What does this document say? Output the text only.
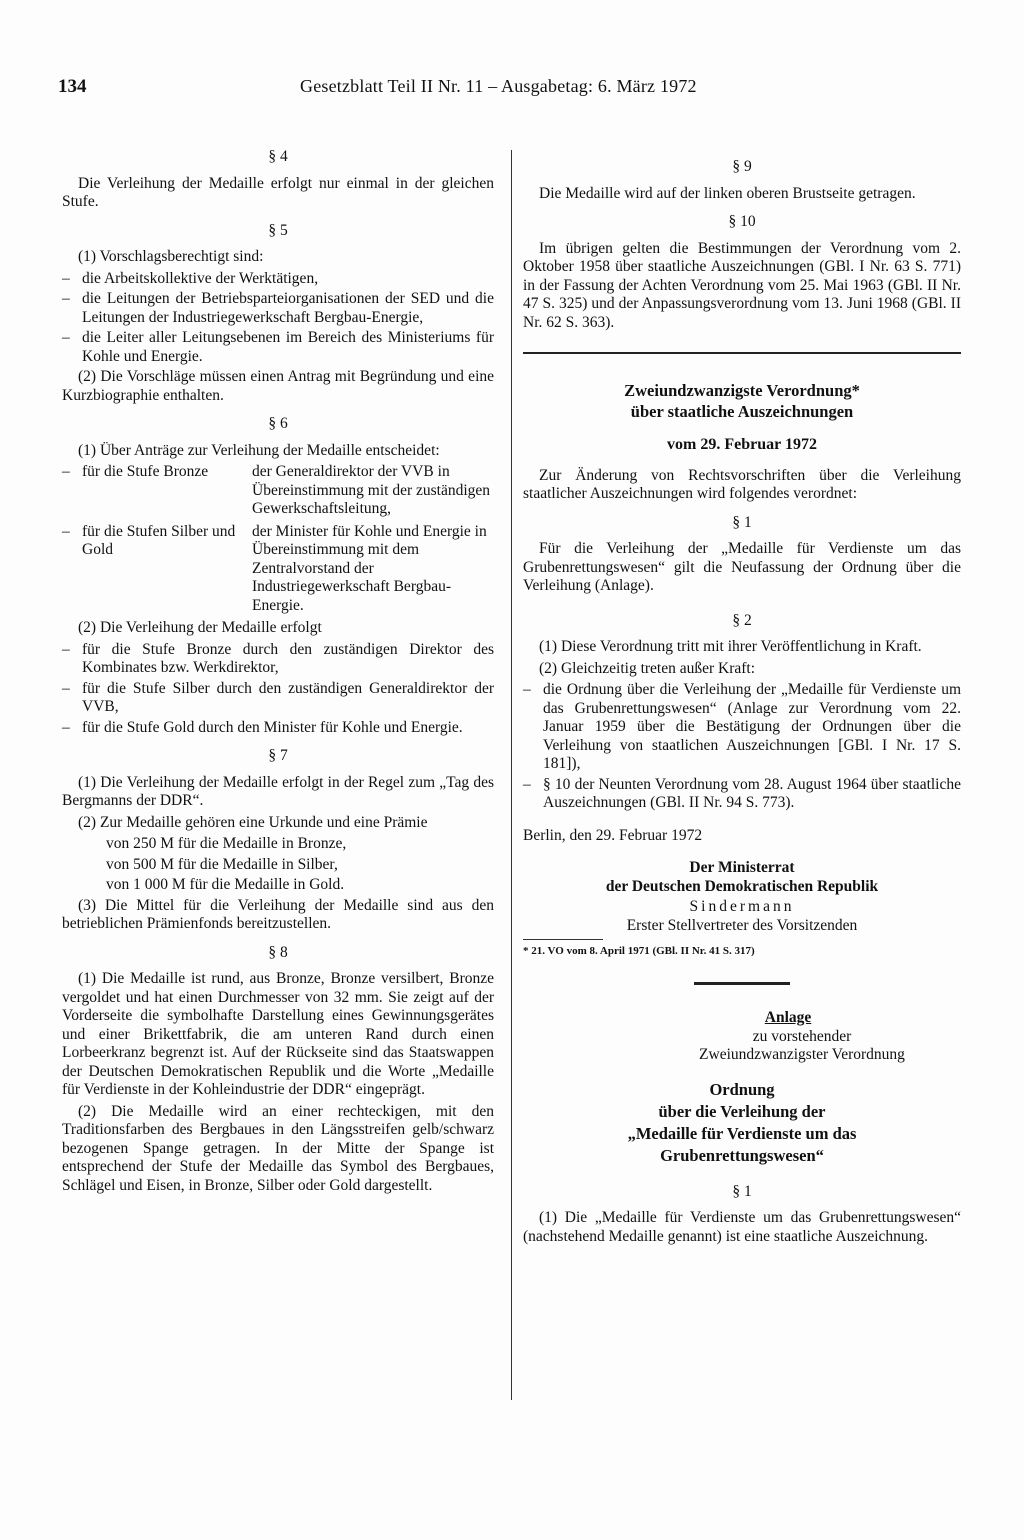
134	Gesetzblatt Teil II Nr. 11 – Ausgabetag: 6. März 1972
§ 4

Die Verleihung der Medaille erfolgt nur einmal in der gleichen Stufe.

§ 5

(1) Vorschlagsberechtigt sind:

– die Arbeitskollektive der Werktätigen,
– die Leitungen der Betriebsparteiorganisationen der SED und die Leitungen der Industriegewerkschaft Bergbau-Energie,
– die Leiter aller Leitungsebenen im Bereich des Ministeriums für Kohle und Energie.

(2) Die Vorschläge müssen einen Antrag mit Begründung und eine Kurzbiographie enthalten.

§ 6

(1) Über Anträge zur Verleihung der Medaille entscheidet:

– für die Stufe Bronze	der Generaldirektor der VVB in Übereinstimmung mit der zuständigen Gewerkschaftsleitung,
– für die Stufen Silber und Gold
der Minister für Kohle und Energie in Übereinstimmung mit dem Zentralvorstand der Industriegewerkschaft Bergbau-Energie.

(2) Die Verleihung der Medaille erfolgt

– für die Stufe Bronze durch den zuständigen Direktor des Kombinates bzw. Werkdirektor,
– für die Stufe Silber durch den zuständigen Generaldirektor der VVB,
– für die Stufe Gold durch den Minister für Kohle und Energie.
§ 7

(1) Die Verleihung der Medaille erfolgt in der Regel zum „Tag des Bergmanns der DDR“.

(2) Zur Medaille gehören eine Urkunde und eine Prämie

von 250 M für die Medaille in Bronze,
von 500 M für die Medaille in Silber,
von 1 000 M für die Medaille in Gold.

(3) Die Mittel für die Verleihung der Medaille sind aus den betrieblichen Prämienfonds bereitzustellen.

§ 8

(1) Die Medaille ist rund, aus Bronze, Bronze versilbert, Bronze vergoldet und hat einen Durchmesser von 32 mm. Sie zeigt auf der Vorderseite die symbolhafte Darstellung eines Gewinnungsgerätes und einer Brikettfabrik, die am unteren Rand durch einen Lorbeerkranz begrenzt ist. Auf der Rückseite sind das Staatswappen der Deutschen Demokratischen Republik und die Worte „Medaille für Verdienste in der Kohleindustrie der DDR“ eingeprägt.

(2) Die Medaille wird an einer rechteckigen, mit den Traditionsfarben des Bergbaues in den Längsstreifen gelb/schwarz bezogenen Spange getragen. In der Mitte der Spange ist entsprechend der Stufe der Medaille das Symbol des Bergbaues, Schlägel und Eisen, in Bronze, Silber oder Gold dargestellt.

§ 9

Die Medaille wird auf der linken oberen Brustseite getragen.

§ 10

Im übrigen gelten die Bestimmungen der Verordnung vom 2. Oktober 1958 über staatliche Auszeichnungen (GBl. I Nr. 63 S. 771) in der Fassung der Achten Verordnung vom 25. Mai 1963 (GBl. II Nr. 47 S. 325) und der Anpassungsverordnung vom 13. Juni 1968 (GBl. II Nr. 62 S. 363).

Zweiundzwanzigste Verordnung*
über staatliche Auszeichnungen
vom 29. Februar 1972

Zur Änderung von Rechtsvorschriften über die Verleihung staatlicher Auszeichnungen wird folgendes verordnet:

§ 1

Für die Verleihung der „Medaille für Verdienste um das Grubenrettungswesen“ gilt die Neufassung der Ordnung über die Verleihung (Anlage).

§ 2

(1) Diese Verordnung tritt mit ihrer Veröffentlichung in Kraft.

(2) Gleichzeitig treten außer Kraft:

– die Ordnung über die Verleihung der „Medaille für Verdienste um das Grubenrettungswesen“ (Anlage zur Verordnung vom 22. Januar 1959 über die Bestätigung der Ordnungen über die Verleihung von staatlichen Auszeichnungen [GBl. I Nr. 17 S. 181]),
– § 10 der Neunten Verordnung vom 28. August 1964 über staatliche Auszeichnungen (GBl. II Nr. 94 S. 773).

Berlin, den 29. Februar 1972

Der Ministerrat
der Deutschen Demokratischen Republik
Sindermann
Erster Stellvertreter des Vorsitzenden
* 21. VO vom 8. April 1971 (GBl. II Nr. 41 S. 317)
Anlage
zu vorstehender
Zweiundzwanzigster Verordnung
Ordnung
über die Verleihung der
„Medaille für Verdienste um das
Grubenrettungswesen“
§ 1

(1) Die „Medaille für Verdienste um das Grubenrettungswesen“ (nachstehend Medaille genannt) ist eine staatliche Auszeichnung.
